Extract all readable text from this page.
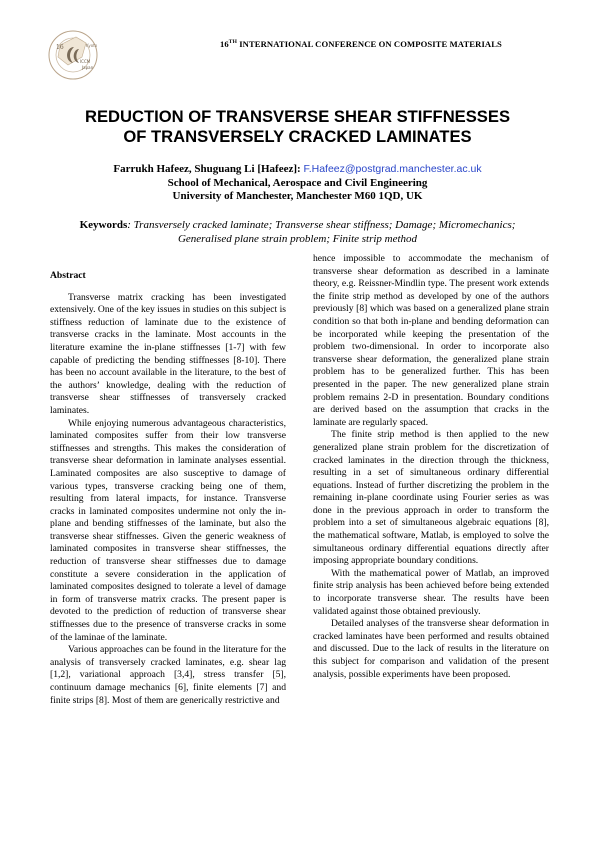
16
ICCM
Japan
Kyoto	16TH INTERNATIONAL CONFERENCE ON COMPOSITE MATERIALS
REDUCTION OF TRANSVERSE SHEAR STIFFNESSES
OF TRANSVERSELY CRACKED LAMINATES
Farrukh Hafeez, Shuguang Li [Hafeez]: F.Hafeez@postgrad.manchester.ac.uk
School of Mechanical, Aerospace and Civil Engineering
University of Manchester, Manchester M60 1QD, UK
Keywords: Transversely cracked laminate; Transverse shear stiffness; Damage; Micromechanics; Generalised plane strain problem; Finite strip method
Abstract

Transverse matrix cracking has been investigated extensively. One of the key issues in studies on this subject is stiffness reduction of laminate due to the existence of transverse cracks in the laminate. Most accounts in the literature examine the in-plane stiffnesses [1-7] with few capable of predicting the bending stiffnesses [8-10]. There has been no account available in the literature, to the best of the authors’ knowledge, dealing with the reduction of transverse shear stiffnesses of transversely cracked laminates.

While enjoying numerous advantageous characteristics, laminated composites suffer from their low transverse stiffnesses and strengths. This makes the consideration of transverse shear deformation in laminate analyses essential. Laminated composites are also susceptive to damage of various types, transverse cracking being one of them, resulting from lateral impacts, for instance. Transverse cracks in laminated composites undermine not only the in-plane and bending stiffnesses of the laminate, but also the transverse shear stiffnesses. Given the generic weakness of laminated composites in transverse shear stiffnesses, the reduction of transverse shear stiffnesses due to damage constitute a severe consideration in the application of laminated composites designed to tolerate a level of damage in form of transverse matrix cracks. The present paper is devoted to the prediction of reduction of transverse shear stiffnesses due to the presence of transverse cracks in some of the laminae of the laminate.

Various approaches can be found in the literature for the analysis of transversely cracked laminates, e.g. shear lag [1,2], variational approach [3,4], stress transfer [5], continuum damage mechanics [6], finite elements [7] and finite strips [8]. Most of them are generically restrictive and

hence impossible to accommodate the mechanism of transverse shear deformation as described in a laminate theory, e.g. Reissner-Mindlin type. The present work extends the finite strip method as developed by one of the authors previously [8] which was based on a generalized plane strain condition so that both in-plane and bending deformation can be incorporated while keeping the presentation of the problem two-dimensional. In order to incorporate also transverse shear deformation, the generalized plane strain problem has to be generalized further. This has been presented in the paper. The new generalized plane strain problem remains 2-D in presentation. Boundary conditions are derived based on the assumption that cracks in the laminate are regularly spaced.

The finite strip method is then applied to the new generalized plane strain problem for the discretization of cracked laminates in the direction through the thickness, resulting in a set of simultaneous ordinary differential equations. Instead of further discretizing the problem in the remaining in-plane coordinate using Fourier series as was done in the previous approach in order to transform the problem into a set of simultaneous algebraic equations [8], the mathematical software, Matlab, is employed to solve the simultaneous ordinary differential equations directly after imposing appropriate boundary conditions.

With the mathematical power of Matlab, an improved finite strip analysis has been achieved before being extended to incorporate transverse shear. The results have been validated against those obtained previously.

Detailed analyses of the transverse shear deformation in cracked laminates have been performed and results obtained and discussed. Due to the lack of results in the literature on this subject for comparison and validation of the present analysis, possible experiments have been proposed.
